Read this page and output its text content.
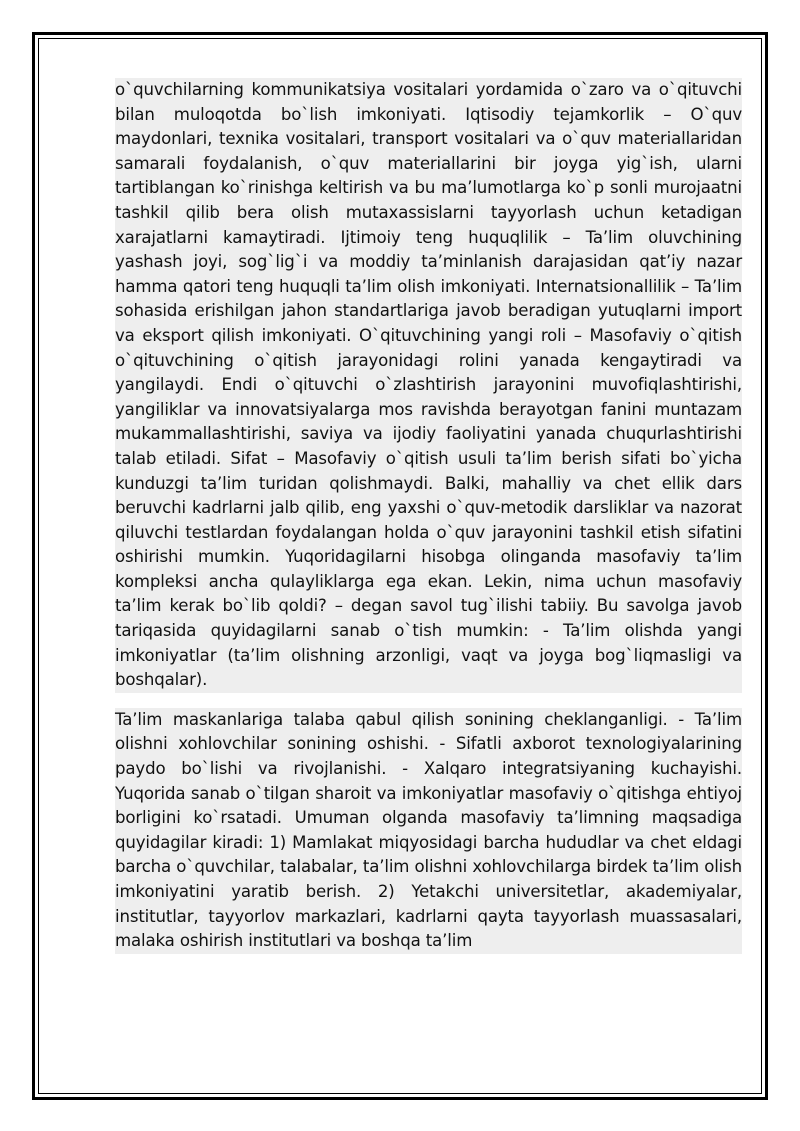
o`quvchilarning kommunikatsiya vositalari yordamida o`zaro va o`qituvchi bilan muloqotda bo`lish imkoniyati. Iqtisodiy tejamkorlik – O`quv maydonlari, texnika vositalari, transport vositalari va o`quv materiallaridan samarali foydalanish, o`quv materiallarini bir joyga yig`ish, ularni tartiblangan ko`rinishga keltirish va bu ma’lumotlarga ko`p sonli murojaatni tashkil qilib bera olish mutaxassislarni tayyorlash uchun ketadigan xarajatlarni kamaytiradi. Ijtimoiy teng huquqlilik – Ta’lim oluvchining yashash joyi, sog`lig`i va moddiy ta’minlanish darajasidan qat’iy nazar hamma qatori teng huquqli ta’lim olish imkoniyati. Internatsionallilik – Ta’lim sohasida erishilgan jahon standartlariga javob beradigan yutuqlarni import va eksport qilish imkoniyati. O`qituvchining yangi roli – Masofaviy o`qitish o`qituvchining o`qitish jarayonidagi rolini yanada kengaytiradi va yangilaydi. Endi o`qituvchi o`zlashtirish jarayonini muvofiqlashtirishi, yangiliklar va innovatsiyalarga mos ravishda berayotgan fanini muntazam mukammallashtirishi, saviya va ijodiy faoliyatini yanada chuqurlashtirishi talab etiladi. Sifat – Masofaviy o`qitish usuli ta’lim berish sifati bo`yicha kunduzgi ta’lim turidan qolishmaydi. Balki, mahalliy va chet ellik dars beruvchi kadrlarni jalb qilib, eng yaxshi o`quv-metodik darsliklar va nazorat qiluvchi testlardan foydalangan holda o`quv jarayonini tashkil etish sifatini oshirishi mumkin. Yuqoridagilarni hisobga olinganda masofaviy ta’lim kompleksi ancha qulayliklarga ega ekan. Lekin, nima uchun masofaviy ta’lim kerak bo`lib qoldi? – degan savol tug`ilishi tabiiy. Bu savolga javob tariqasida quyidagilarni sanab o`tish mumkin: - Ta’lim olishda yangi imkoniyatlar (ta’lim olishning arzonligi, vaqt va joyga bog`liqmasligi va boshqalar).

Ta’lim maskanlariga talaba qabul qilish sonining cheklanganligi. - Ta’lim olishni xohlovchilar sonining oshishi. - Sifatli axborot texnologiyalarining paydo bo`lishi va rivojlanishi. - Xalqaro integratsiyaning kuchayishi. Yuqorida sanab o`tilgan sharoit va imkoniyatlar masofaviy o`qitishga ehtiyoj borligini ko`rsatadi. Umuman olganda masofaviy ta’limning maqsadiga quyidagilar kiradi: 1) Mamlakat miqyosidagi barcha hududlar va chet eldagi barcha o`quvchilar, talabalar, ta’lim olishni xohlovchilarga birdek ta’lim olish imkoniyatini yaratib berish. 2) Yetakchi universitetlar, akademiyalar, institutlar, tayyorlov markazlari, kadrlarni qayta tayyorlash muassasalari, malaka oshirish institutlari va boshqa ta’lim
